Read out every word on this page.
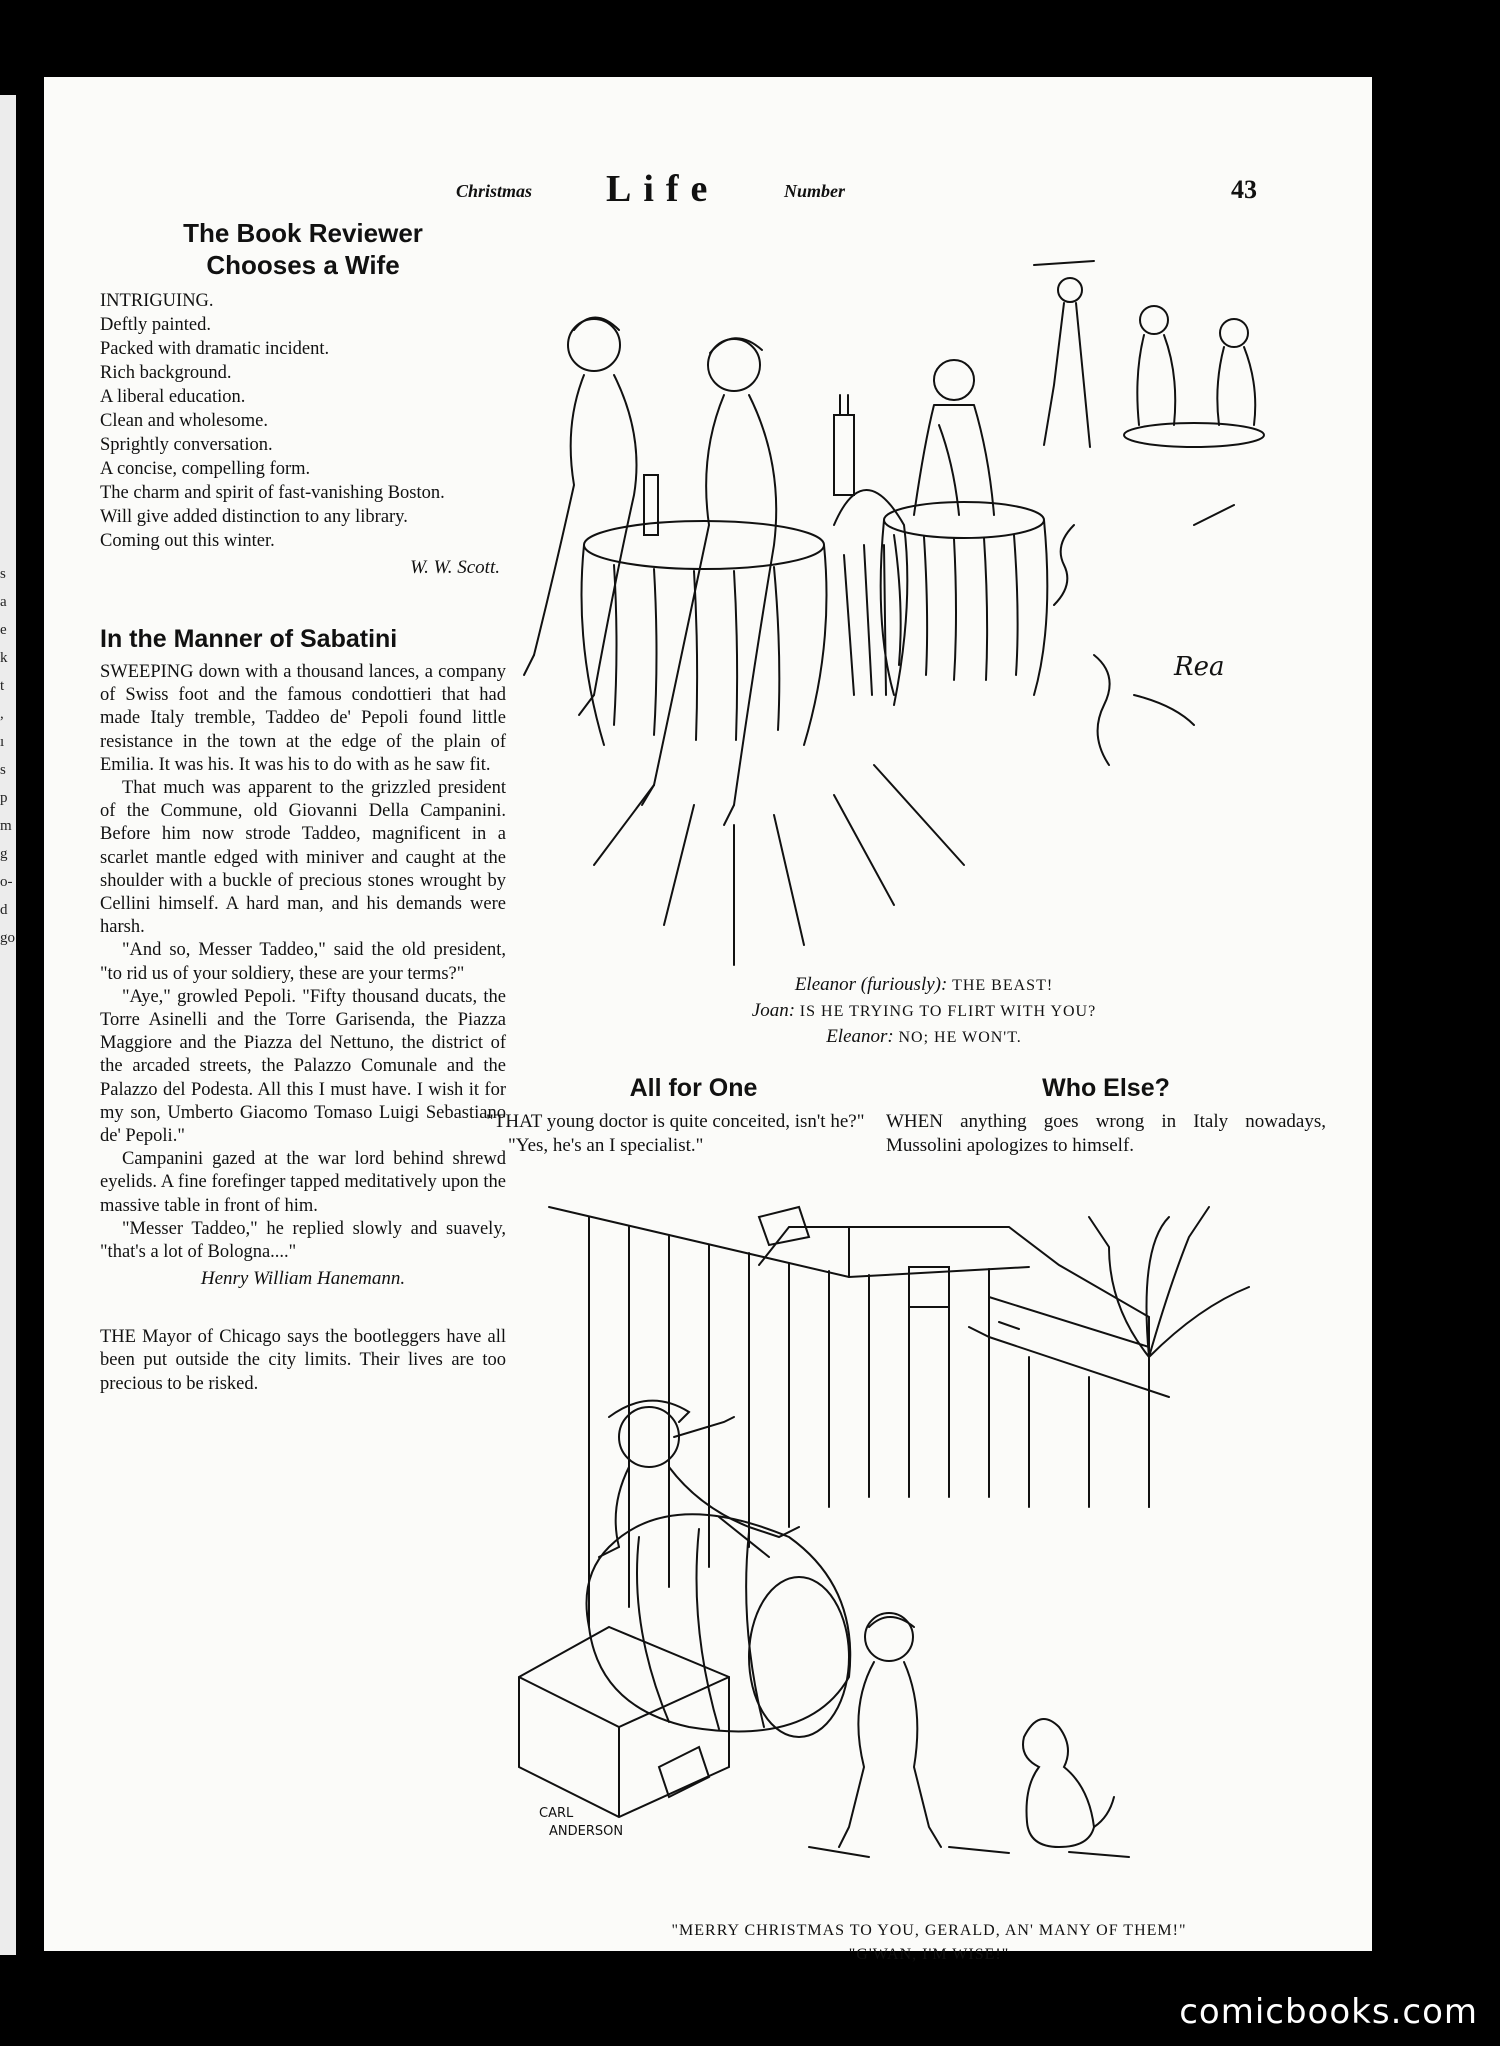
Christmas Life	Number	43
The Book Reviewer
Chooses a Wife
INTRIGUING.
Deftly painted.
Packed with dramatic incident.
Rich background.
A liberal education.
Clean and wholesome.
Sprightly conversation.
A concise, compelling form.
The charm and spirit of fast-vanishing Boston.
Will give added distinction to any library.
Coming out this winter.
W. W. Scott.
In the Manner of Sabatini

SWEEPING down with a thousand lances, a company of Swiss foot and the famous condottieri that had made Italy tremble, Taddeo de' Pepoli found little resistance in the town at the edge of the plain of Emilia. It was his. It was his to do with as he saw fit.

That much was apparent to the grizzled president of the Commune, old Giovanni Della Campanini. Before him now strode Taddeo, magnificent in a scarlet mantle edged with miniver and caught at the shoulder with a buckle of precious stones wrought by Cellini himself. A hard man, and his demands were harsh.

"And so, Messer Taddeo," said the old president, "to rid us of your soldiery, these are your terms?"

"Aye," growled Pepoli. "Fifty thousand ducats, the Torre Asinelli and the Torre Garisenda, the Piazza Maggiore and the Piazza del Nettuno, the district of the arcaded streets, the Palazzo Comunale and the Palazzo del Podesta. All this I must have. I wish it for my son, Umberto Giacomo Tomaso Luigi Sebastiano de' Pepoli."

Campanini gazed at the war lord behind shrewd eyelids. A fine forefinger tapped meditatively upon the massive table in front of him.

"Messer Taddeo," he replied slowly and suavely, "that's a lot of Bologna...."

Henry William Hanemann.

THE Mayor of Chicago says the bootleggers have all been put outside the city limits. Their lives are too precious to be risked.

Rea
Eleanor (furiously): THE BEAST!
Joan: IS HE TRYING TO FLIRT WITH YOU?
Eleanor: NO; HE WON'T.
All for One

"THAT young doctor is quite conceited, isn't he?"

"Yes, he's an I specialist."

Who Else?

WHEN anything goes wrong in Italy nowadays, Mussolini apologizes to himself.

CARL
ANDERSON
"MERRY CHRISTMAS TO YOU, GERALD, AN' MANY OF THEM!"
"G'WAN, I'M WISE!"
comicbooks.com
s
a
e
k
t
,
ı
s
p
m
g
o-
d
go
